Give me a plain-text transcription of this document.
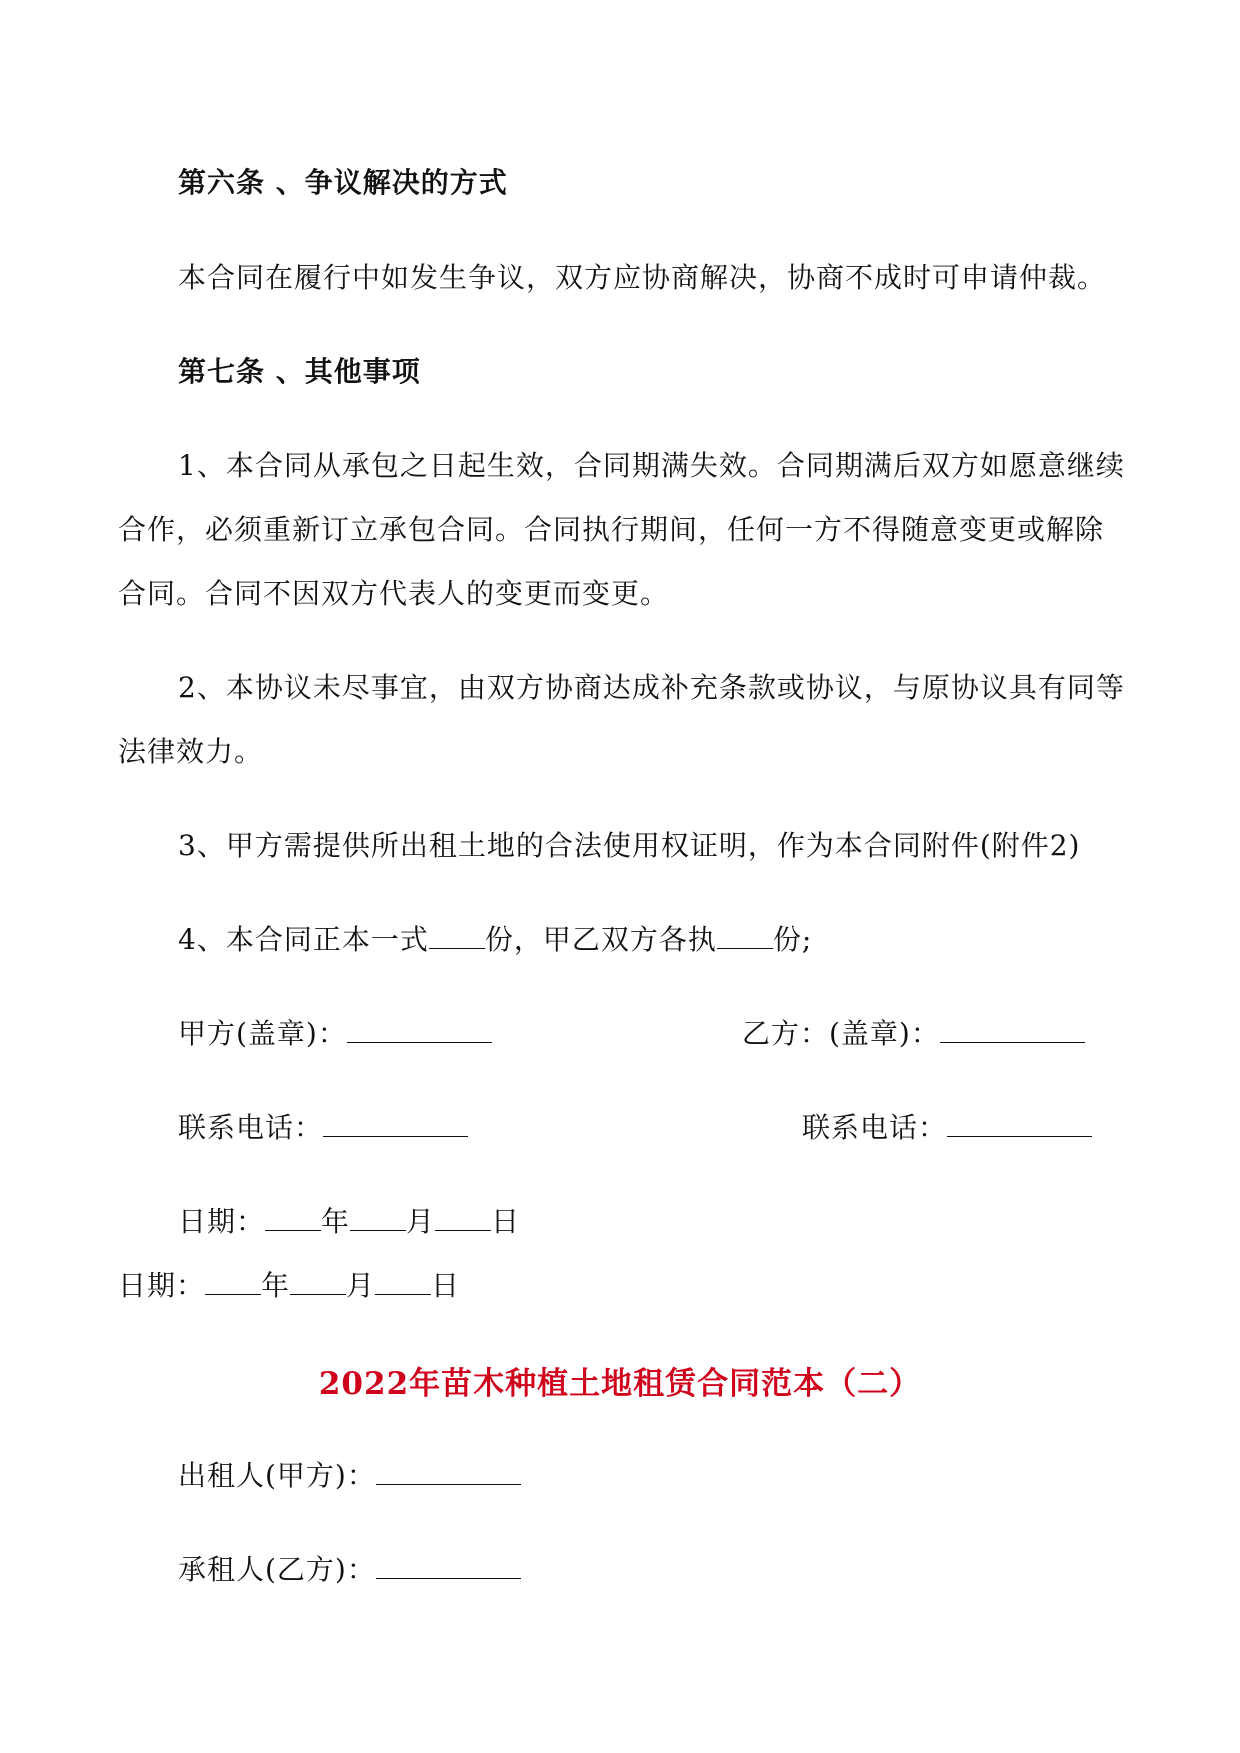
第六条 、争议解决的方式
本合同在履行中如发生争议，双方应协商解决，协商不成时可申请仲裁。
第七条 、其他事项
1、本合同从承包之日起生效，合同期满失效。合同期满后双方如愿意继续
合作，必须重新订立承包合同。合同执行期间，任何一方不得随意变更或解除
合同。合同不因双方代表人的变更而变更。
2、本协议未尽事宜，由双方协商达成补充条款或协议，与原协议具有同等
法律效力。
3、甲方需提供所出租土地的合法使用权证明，作为本合同附件(附件2)
4、本合同正本一式 份，甲乙双方各执 份;
甲方(盖章)：	乙方：(盖章)：
联系电话：	联系电话：
日期： 年 月 日
日期： 年 月 日
2022年苗木种植土地租赁合同范本（二）
出租人(甲方)：
承租人(乙方)：
